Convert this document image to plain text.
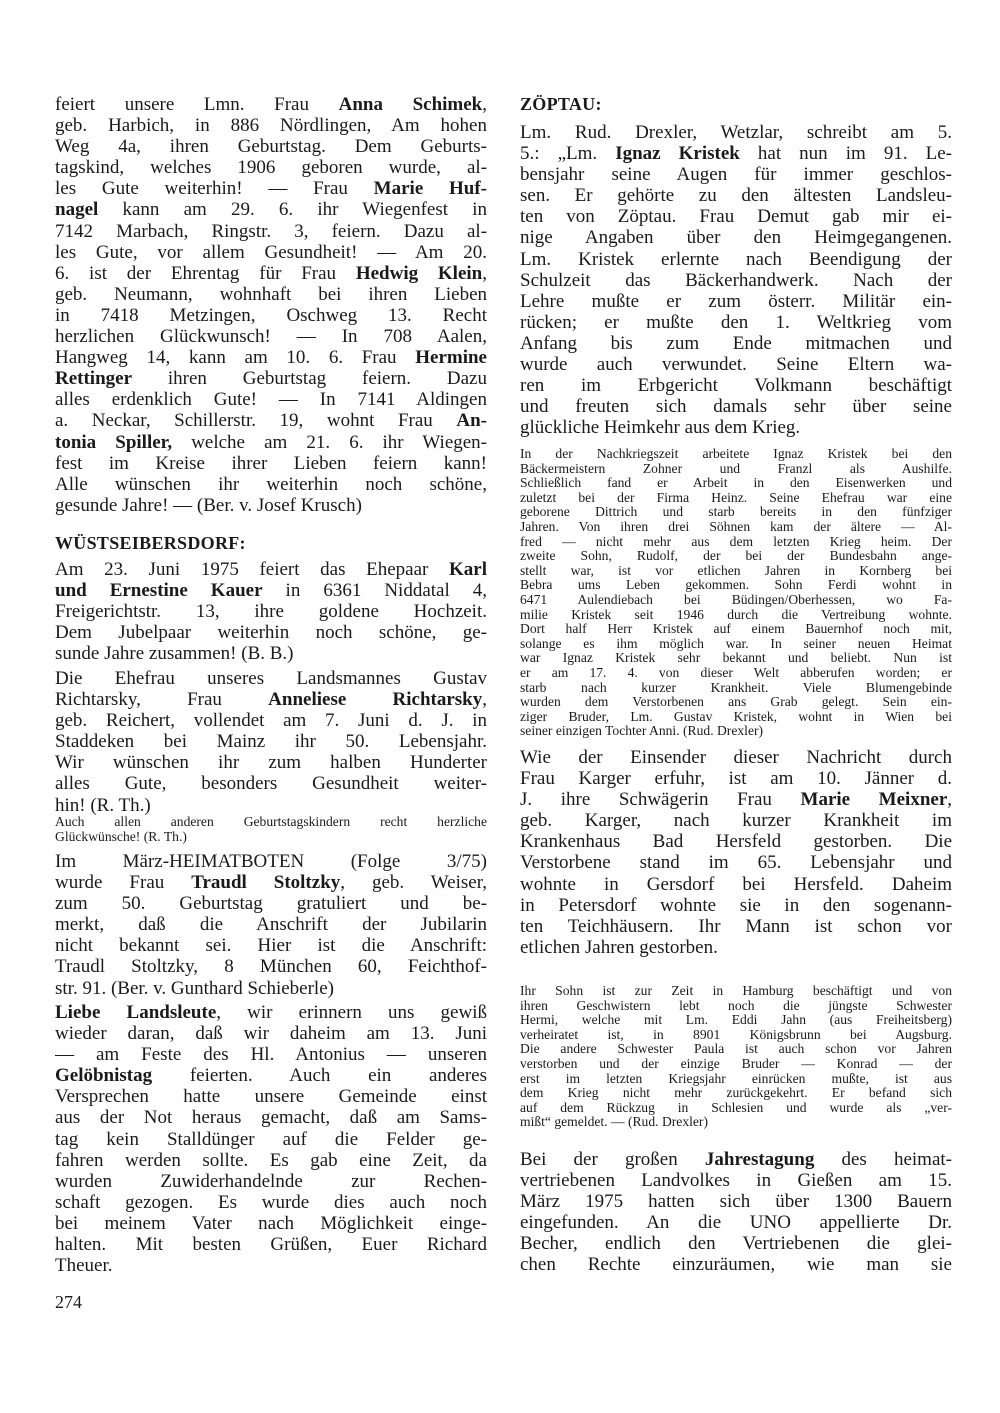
feiert unsere Lmn. Frau Anna Schimek,
geb. Harbich, in 886 Nördlingen, Am hohen
Weg 4a, ihren Geburtstag. Dem Geburts-
tagskind, welches 1906 geboren wurde, al-
les Gute weiterhin! — Frau Marie Huf-
nagel kann am 29. 6. ihr Wiegenfest in
7142 Marbach, Ringstr. 3, feiern. Dazu al-
les Gute, vor allem Gesundheit! — Am 20.
6. ist der Ehrentag für Frau Hedwig Klein,
geb. Neumann, wohnhaft bei ihren Lieben
in 7418 Metzingen, Oschweg 13. Recht
herzlichen Glückwunsch! — In 708 Aalen,
Hangweg 14, kann am 10. 6. Frau Hermine
Rettinger ihren Geburtstag feiern. Dazu
alles erdenklich Gute! — In 7141 Aldingen
a. Neckar, Schillerstr. 19, wohnt Frau An-
tonia Spiller, welche am 21. 6. ihr Wiegen-
fest im Kreise ihrer Lieben feiern kann!
Alle wünschen ihr weiterhin noch schöne,
gesunde Jahre! — (Ber. v. Josef Krusch)
WÜSTSEIBERSDORF:
Am 23. Juni 1975 feiert das Ehepaar Karl
und Ernestine Kauer in 6361 Niddatal 4,
Freigerichtstr. 13, ihre goldene Hochzeit.
Dem Jubelpaar weiterhin noch schöne, ge-
sunde Jahre zusammen! (B. B.)
Die Ehefrau unseres Landsmannes Gustav
Richtarsky, Frau Anneliese Richtarsky,
geb. Reichert, vollendet am 7. Juni d. J. in
Staddeken bei Mainz ihr 50. Lebensjahr.
Wir wünschen ihr zum halben Hunderter
alles Gute, besonders Gesundheit weiter-
hin! (R. Th.)
Auch allen anderen Geburtstagskindern recht herzliche
Glückwünsche! (R. Th.)
Im März-HEIMATBOTEN (Folge 3/75)
wurde Frau Traudl Stoltzky, geb. Weiser,
zum 50. Geburtstag gratuliert und be-
merkt, daß die Anschrift der Jubilarin
nicht bekannt sei. Hier ist die Anschrift:
Traudl Stoltzky, 8 München 60, Feichthof-
str. 91. (Ber. v. Gunthard Schieberle)
Liebe Landsleute, wir erinnern uns gewiß
wieder daran, daß wir daheim am 13. Juni
— am Feste des Hl. Antonius — unseren
Gelöbnistag feierten. Auch ein anderes
Versprechen hatte unsere Gemeinde einst
aus der Not heraus gemacht, daß am Sams-
tag kein Stalldünger auf die Felder ge-
fahren werden sollte. Es gab eine Zeit, da
wurden Zuwiderhandelnde zur Rechen-
schaft gezogen. Es wurde dies auch noch
bei meinem Vater nach Möglichkeit einge-
halten. Mit besten Grüßen, Euer Richard
Theuer.
ZÖPTAU:
Lm. Rud. Drexler, Wetzlar, schreibt am 5.
5.: „Lm. Ignaz Kristek hat nun im 91. Le-
bensjahr seine Augen für immer geschlos-
sen. Er gehörte zu den ältesten Landsleu-
ten von Zöptau. Frau Demut gab mir ei-
nige Angaben über den Heimgegangenen.
Lm. Kristek erlernte nach Beendigung der
Schulzeit das Bäckerhandwerk. Nach der
Lehre mußte er zum österr. Militär ein-
rücken; er mußte den 1. Weltkrieg vom
Anfang bis zum Ende mitmachen und
wurde auch verwundet. Seine Eltern wa-
ren im Erbgericht Volkmann beschäftigt
und freuten sich damals sehr über seine
glückliche Heimkehr aus dem Krieg.
In der Nachkriegszeit arbeitete Ignaz Kristek bei den
Bäckermeistern Zohner und Franzl als Aushilfe.
Schließlich fand er Arbeit in den Eisenwerken und
zuletzt bei der Firma Heinz. Seine Ehefrau war eine
geborene Dittrich und starb bereits in den fünfziger
Jahren. Von ihren drei Söhnen kam der ältere — Al-
fred — nicht mehr aus dem letzten Krieg heim. Der
zweite Sohn, Rudolf, der bei der Bundesbahn ange-
stellt war, ist vor etlichen Jahren in Kornberg bei
Bebra ums Leben gekommen. Sohn Ferdi wohnt in
6471 Aulendiebach bei Büdingen/Oberhessen, wo Fa-
milie Kristek seit 1946 durch die Vertreibung wohnte.
Dort half Herr Kristek auf einem Bauernhof noch mit,
solange es ihm möglich war. In seiner neuen Heimat
war Ignaz Kristek sehr bekannt und beliebt. Nun ist
er am 17. 4. von dieser Welt abberufen worden; er
starb nach kurzer Krankheit. Viele Blumengebinde
wurden dem Verstorbenen ans Grab gelegt. Sein ein-
ziger Bruder, Lm. Gustav Kristek, wohnt in Wien bei
seiner einzigen Tochter Anni. (Rud. Drexler)
Wie der Einsender dieser Nachricht durch
Frau Karger erfuhr, ist am 10. Jänner d.
J. ihre Schwägerin Frau Marie Meixner,
geb. Karger, nach kurzer Krankheit im
Krankenhaus Bad Hersfeld gestorben. Die
Verstorbene stand im 65. Lebensjahr und
wohnte in Gersdorf bei Hersfeld. Daheim
in Petersdorf wohnte sie in den sogenann-
ten Teichhäusern. Ihr Mann ist schon vor
etlichen Jahren gestorben.
Ihr Sohn ist zur Zeit in Hamburg beschäftigt und von
ihren Geschwistern lebt noch die jüngste Schwester
Hermi, welche mit Lm. Eddi Jahn (aus Freiheitsberg)
verheiratet ist, in 8901 Königsbrunn bei Augsburg.
Die andere Schwester Paula ist auch schon vor Jahren
verstorben und der einzige Bruder — Konrad — der
erst im letzten Kriegsjahr einrücken mußte, ist aus
dem Krieg nicht mehr zurückgekehrt. Er befand sich
auf dem Rückzug in Schlesien und wurde als „ver-
mißt“ gemeldet. — (Rud. Drexler)
Bei der großen Jahrestagung des heimat-
vertriebenen Landvolkes in Gießen am 15.
März 1975 hatten sich über 1300 Bauern
eingefunden. An die UNO appellierte Dr.
Becher, endlich den Vertriebenen die glei-
chen Rechte einzuräumen, wie man sie
274
